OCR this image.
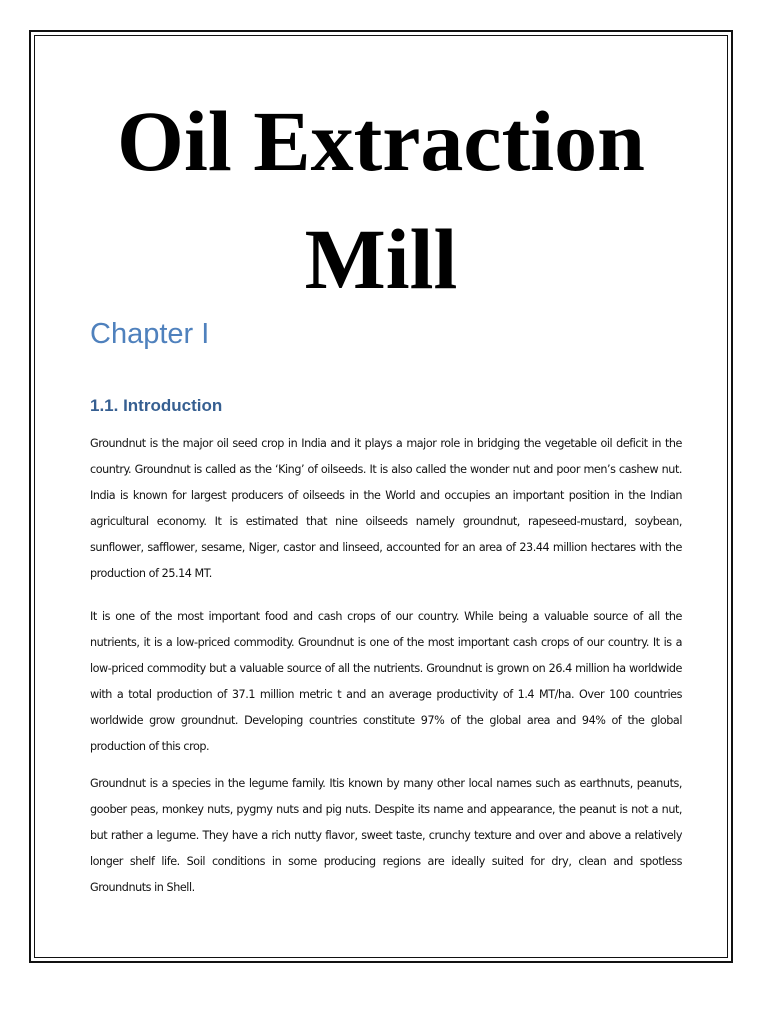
Oil Extraction Mill
Chapter I
1.1. Introduction

Groundnut is the major oil seed crop in India and it plays a major role in bridging the vegetable oil deficit in the country. Groundnut is called as the ‘King’ of oilseeds. It is also called the wonder nut and poor men’s cashew nut. India is known for largest producers of oilseeds in the World and occupies an important position in the Indian agricultural economy. It is estimated that nine oilseeds namely groundnut, rapeseed-mustard, soybean, sunflower, safflower, sesame, Niger, castor and linseed, accounted for an area of 23.44 million hectares with the production of 25.14 MT.

It is one of the most important food and cash crops of our country. While being a valuable source of all the nutrients, it is a low-priced commodity. Groundnut is one of the most important cash crops of our country. It is a low-priced commodity but a valuable source of all the nutrients. Groundnut is grown on 26.4 million ha worldwide with a total production of 37.1 million metric t and an average productivity of 1.4 MT/ha. Over 100 countries worldwide grow groundnut. Developing countries constitute 97% of the global area and 94% of the global production of this crop.

Groundnut is a species in the legume family. Itis known by many other local names such as earthnuts, peanuts, goober peas, monkey nuts, pygmy nuts and pig nuts. Despite its name and appearance, the peanut is not a nut, but rather a legume. They have a rich nutty flavor, sweet taste, crunchy texture and over and above a relatively longer shelf life. Soil conditions in some producing regions are ideally suited for dry, clean and spotless Groundnuts in Shell.
